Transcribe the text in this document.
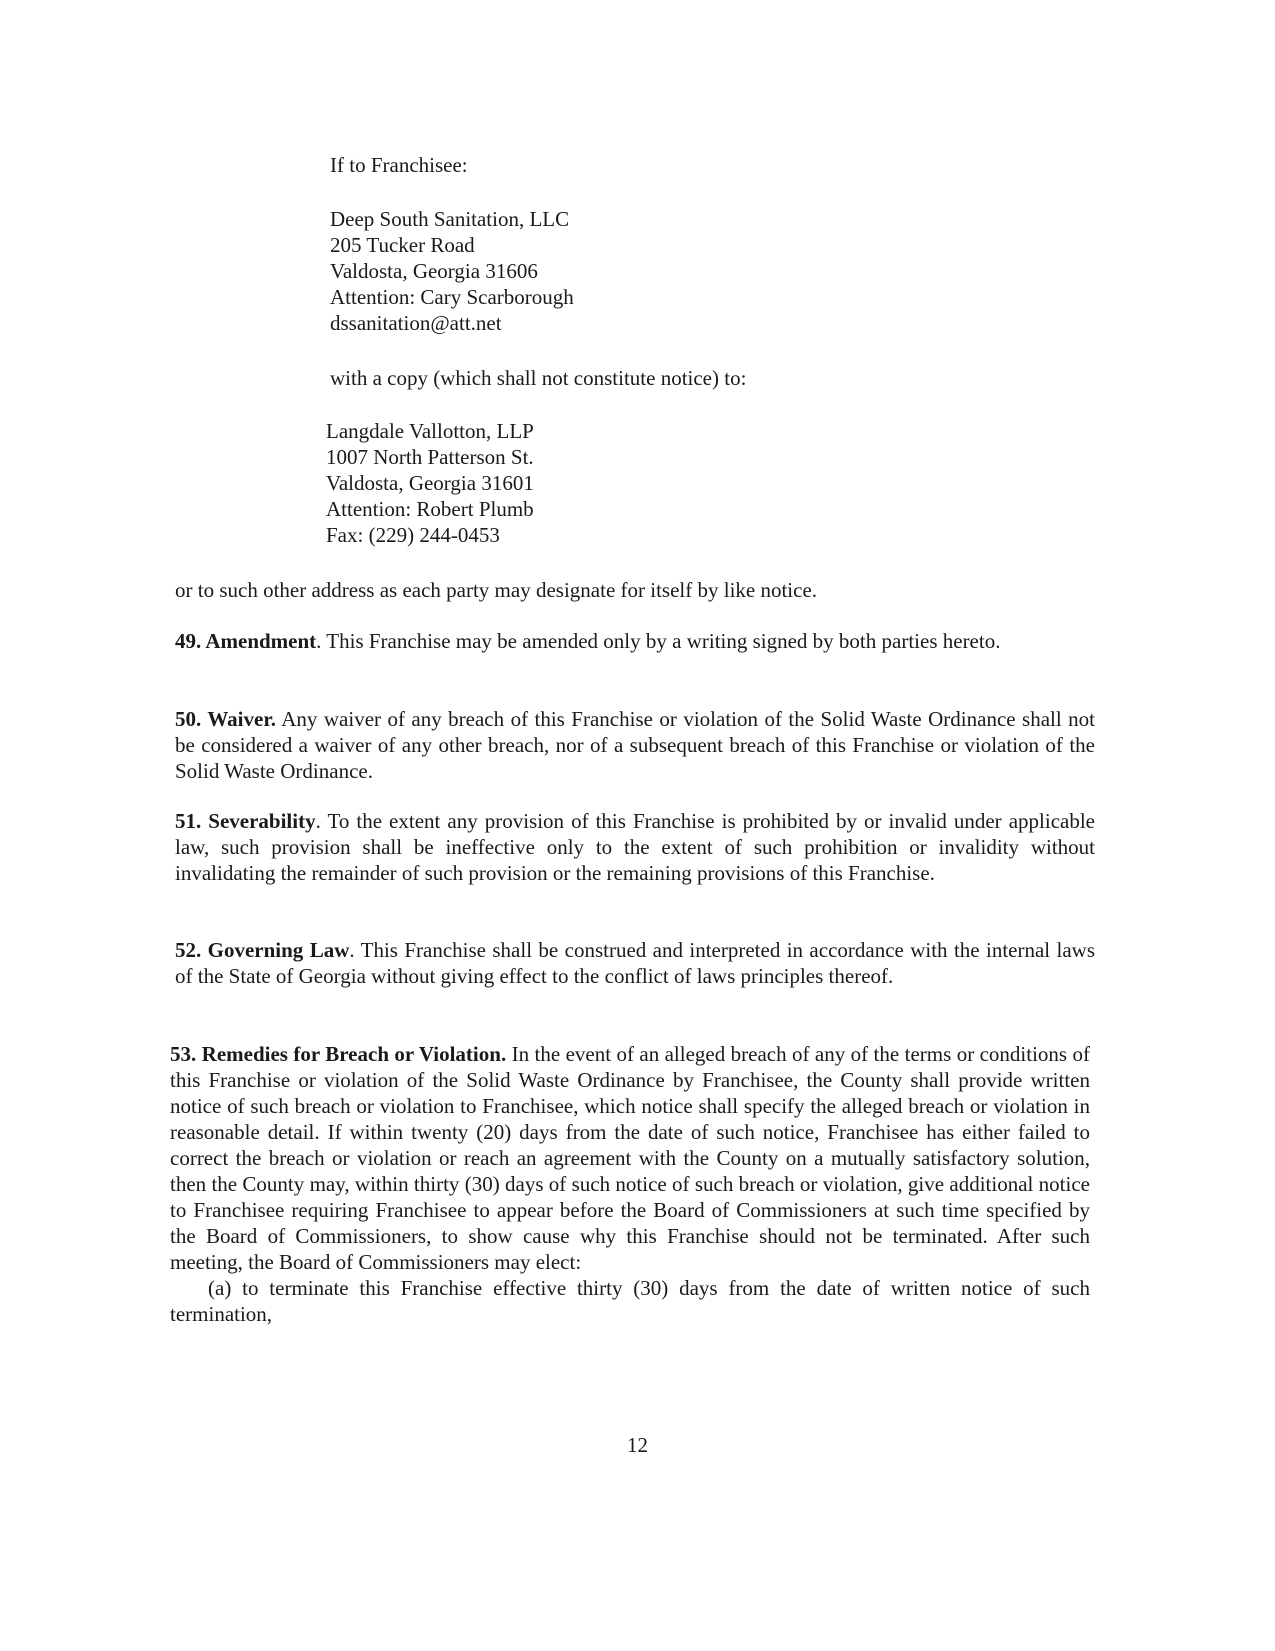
If to Franchisee:
Deep South Sanitation, LLC
205 Tucker Road
Valdosta, Georgia 31606
Attention: Cary Scarborough
dssanitation@att.net
with a copy (which shall not constitute notice) to:
Langdale Vallotton, LLP
1007 North Patterson St.
Valdosta, Georgia 31601
Attention: Robert Plumb
Fax: (229) 244-0453

or to such other address as each party may designate for itself by like notice.

49. Amendment. This Franchise may be amended only by a writing signed by both parties hereto.

50. Waiver. Any waiver of any breach of this Franchise or violation of the Solid Waste Ordinance shall not be considered a waiver of any other breach, nor of a subsequent breach of this Franchise or violation of the Solid Waste Ordinance.

51. Severability. To the extent any provision of this Franchise is prohibited by or invalid under applicable law, such provision shall be ineffective only to the extent of such prohibition or invalidity without invalidating the remainder of such provision or the remaining provisions of this Franchise.

52. Governing Law. This Franchise shall be construed and interpreted in accordance with the internal laws of the State of Georgia without giving effect to the conflict of laws principles thereof.

53. Remedies for Breach or Violation. In the event of an alleged breach of any of the terms or conditions of this Franchise or violation of the Solid Waste Ordinance by Franchisee, the County shall provide written notice of such breach or violation to Franchisee, which notice shall specify the alleged breach or violation in reasonable detail. If within twenty (20) days from the date of such notice, Franchisee has either failed to correct the breach or violation or reach an agreement with the County on a mutually satisfactory solution, then the County may, within thirty (30) days of such notice of such breach or violation, give additional notice to Franchisee requiring Franchisee to appear before the Board of Commissioners at such time specified by the Board of Commissioners, to show cause why this Franchise should not be terminated. After such meeting, the Board of Commissioners may elect:

(a) to terminate this Franchise effective thirty (30) days from the date of written notice of such termination,

12
